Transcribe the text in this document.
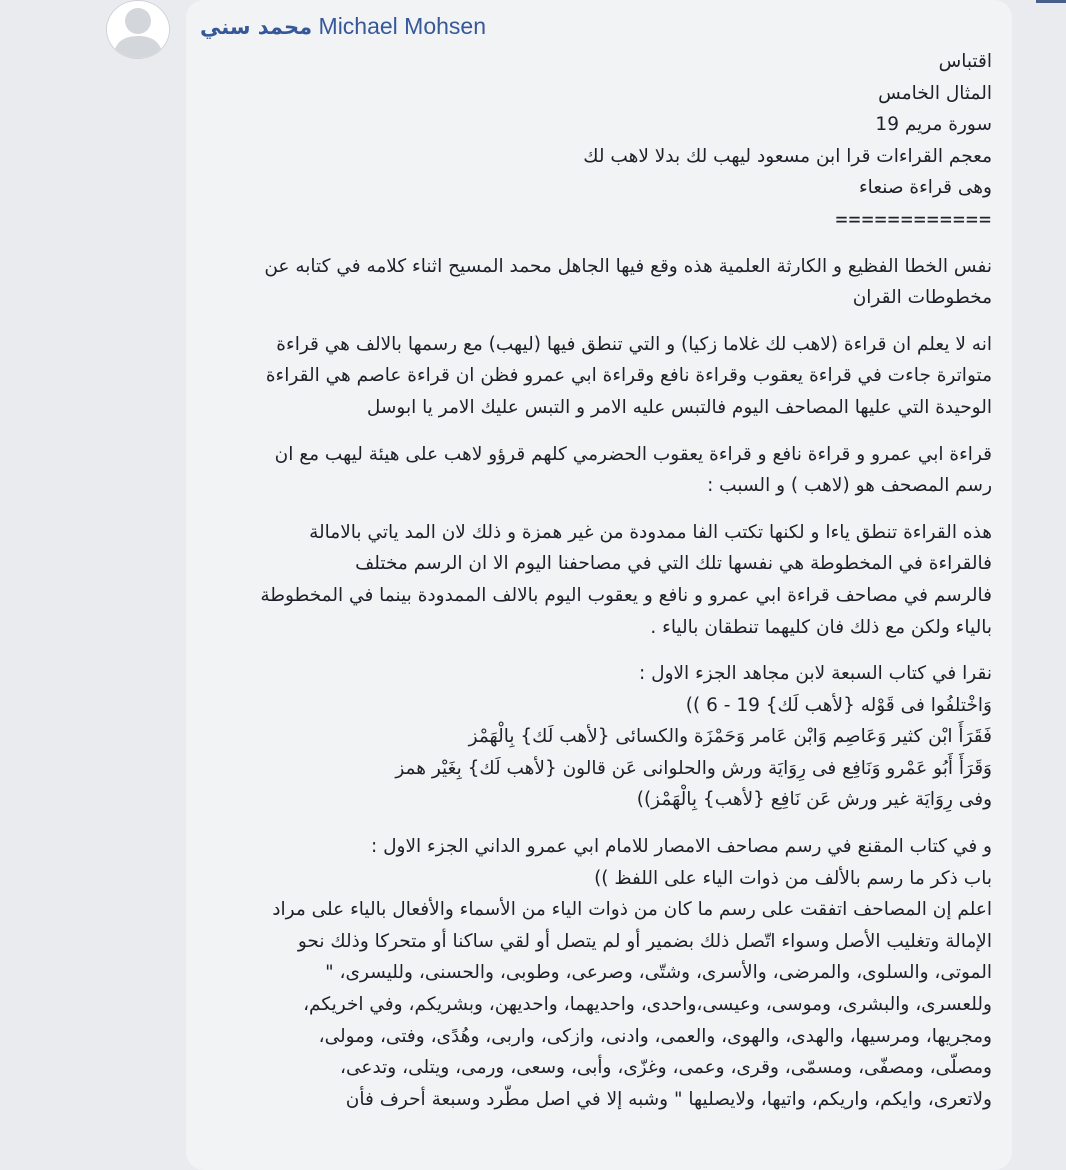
محمد سني Michael Mohsen
اقتباس
المثال الخامس
سورة مريم 19
معجم القراءات قرا ابن مسعود ليهب لك بدلا لاهب لك
وهى قراءة صنعاء
============
نفس الخطا الفظيع و الكارثة العلمية هذه وقع فيها الجاهل محمد المسيح اثناء كلامه في كتابه عن
مخطوطات القران
انه لا يعلم ان قراءة (لاهب لك غلاما زكيا) و التي تنطق فيها (ليهب) مع رسمها بالالف هي قراءة
متواترة جاءت في قراءة يعقوب وقراءة نافع وقراءة ابي عمرو فظن ان قراءة عاصم هي القراءة
الوحيدة التي عليها المصاحف اليوم فالتبس عليه الامر و التبس عليك الامر يا ابوسل
قراءة ابي عمرو و قراءة نافع و قراءة يعقوب الحضرمي كلهم قرؤو لاهب على هيئة ليهب مع ان
رسم المصحف هو (لاهب ) و السبب :
هذه القراءة تنطق ياءا و لكنها تكتب الفا ممدودة من غير همزة و ذلك لان المد ياتي بالامالة
فالقراءة في المخطوطة هي نفسها تلك التي في مصاحفنا اليوم الا ان الرسم مختلف
فالرسم في مصاحف قراءة ابي عمرو و نافع و يعقوب اليوم بالالف الممدودة بينما في المخطوطة
بالياء ولكن مع ذلك فان كليهما تنطقان بالياء .
نقرا في كتاب السبعة لابن مجاهد الجزء الاول :
وَاخْتلفُوا فى قَوْله {لأهب لَك} 19 - 6 ))
فَقَرَأَ ابْن كثير وَعَاصِم وَابْن عَامر وَحَمْزَة والكسائى {لأهب لَك} بِالْهَمْز
وَقَرَأَ أَبُو عَمْرو وَنَافِع فى رِوَايَة ورش والحلوانى عَن قالون {لأهب لَك} بِغَيْر همز
وفى رِوَايَة غير ورش عَن نَافِع {لأهب} بِالْهَمْز))
و في كتاب المقنع في رسم مصاحف الامصار للامام ابي عمرو الداني الجزء الاول :
باب ذكر ما رسم بالألف من ذوات الياء على اللفظ ))
اعلم إن المصاحف اتفقت على رسم ما كان من ذوات الياء من الأسماء والأفعال بالياء على مراد
الإمالة وتغليب الأصل وسواء اتّصل ذلك بضمير أو لم يتصل أو لقي ساكنا أو متحركا وذلك نحو
الموتى، والسلوى، والمرضى، والأسرى، وشتّى، وصرعى، وطوبى، والحسنى، ولليسرى، "
وللعسرى، والبشرى، وموسى، وعيسى،واحدى، واحديهما، واحديهن، وبشريكم، وفي اخريكم،
ومجريها، ومرسيها، والهدى، والهوى، والعمى، وادنى، وازكى، واربى، وهُدًى، وفتى، ومولى،
ومصلّى، ومصفّى، ومسمّى، وقرى، وعمى، وغزّى، وأبى، وسعى، ورمى، ويتلى، وتدعى،
ولاتعرى، وايكم، واريكم، واتيها، ولايصليها " وشبه إلا في اصل مطّرد وسبعة أحرف فأن
